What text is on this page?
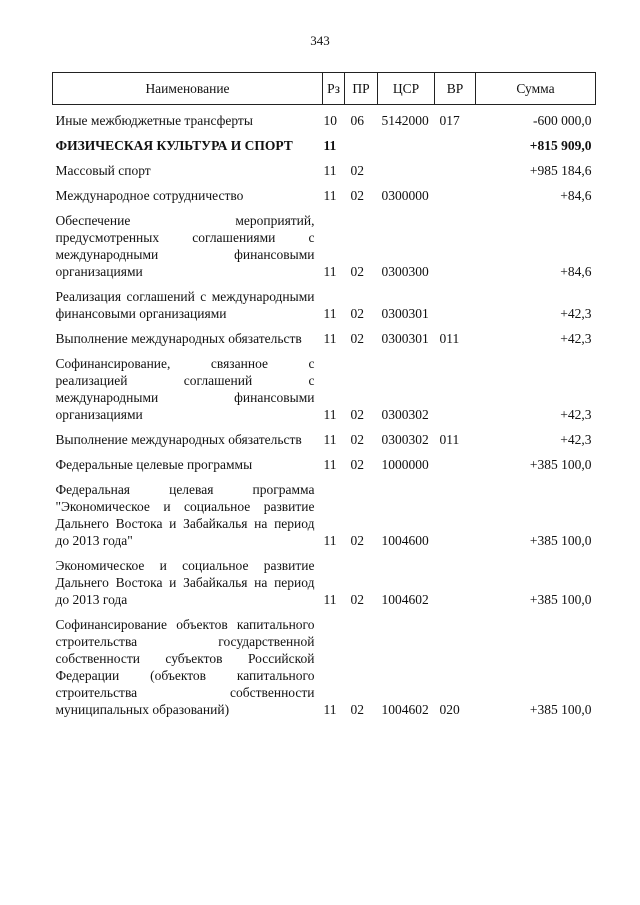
343
Наименование	Рз	ПР	ЦСР	ВР	Сумма
Иные межбюджетные трансферты	10	06	5142000	017	-600 000,0
ФИЗИЧЕСКАЯ КУЛЬТУРА И СПОРТ	11				+815 909,0
Массовый спорт	11	02			+985 184,6
Международное сотрудничество	11	02	0300000		+84,6
Обеспечение мероприятий, предусмотренных соглашениями с международными финансовыми организациями	11	02	0300300		+84,6
Реализация соглашений с международными финансовыми организациями	11	02	0300301		+42,3
Выполнение международных обязательств	11	02	0300301	011	+42,3
Софинансирование, связанное с реализацией соглашений с международными финансовыми организациями	11	02	0300302		+42,3
Выполнение международных обязательств	11	02	0300302	011	+42,3
Федеральные целевые программы	11	02	1000000		+385 100,0
Федеральная целевая программа "Экономическое и социальное развитие Дальнего Востока и Забайкалья на период до 2013 года"	11	02	1004600		+385 100,0
Экономическое и социальное развитие Дальнего Востока и Забайкалья на период до 2013 года	11	02	1004602		+385 100,0
Софинансирование объектов капитального строительства государственной собственности субъектов Российской Федерации (объектов капитального строительства собственности муниципальных образований)	11	02	1004602	020	+385 100,0
